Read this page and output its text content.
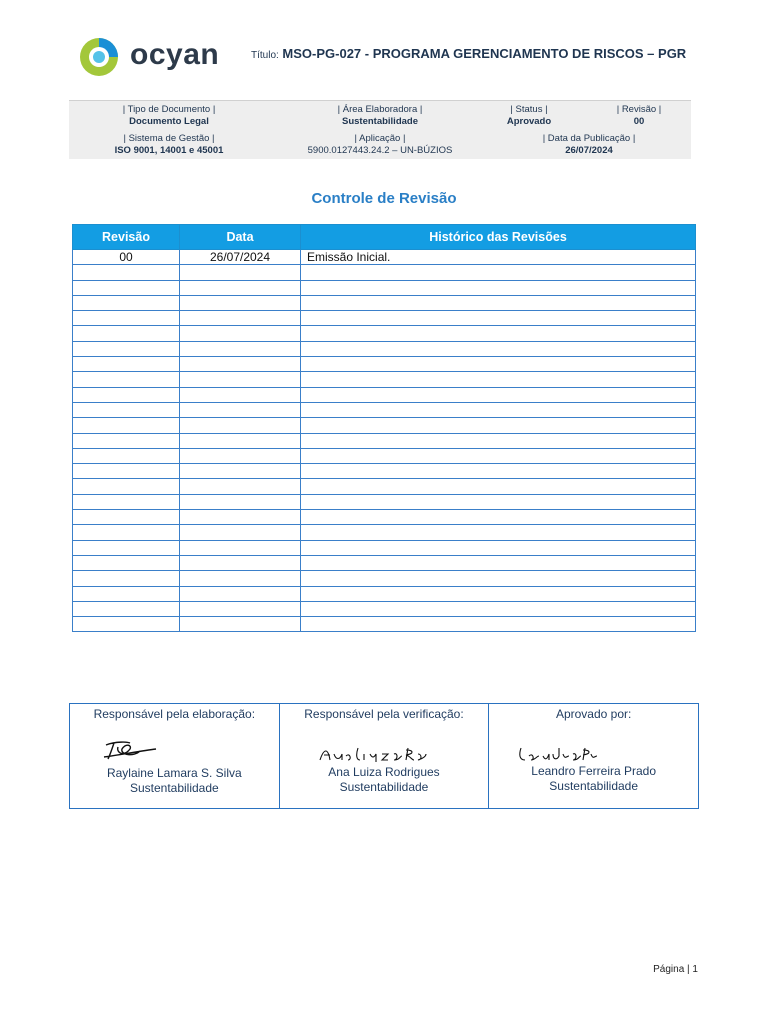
ocyan	Título: MSO-PG-027 - PROGRAMA GERENCIAMENTO DE RISCOS – PGR
| Tipo de Documento |
Documento Legal
| Área Elaboradora |
Sustentabilidade
| Status |
Aprovado
| Revisão |
00
| Sistema de Gestão |
ISO 9001, 14001 e 45001
| Aplicação |
5900.0127443.24.2 – UN-BÚZIOS
| Data da Publicação |
26/07/2024
Controle de Revisão
Revisão	Data	Histórico das Revisões
00	26/07/2024	Emissão Inicial.

Responsável pela elaboração:
Raylaine Lamara S. Silva
Sustentabilidade

Responsável pela verificação:
Ana Luiza Rodrigues
Sustentabilidade

Aprovado por:
Leandro Ferreira Prado
Sustentabilidade
Página | 1
